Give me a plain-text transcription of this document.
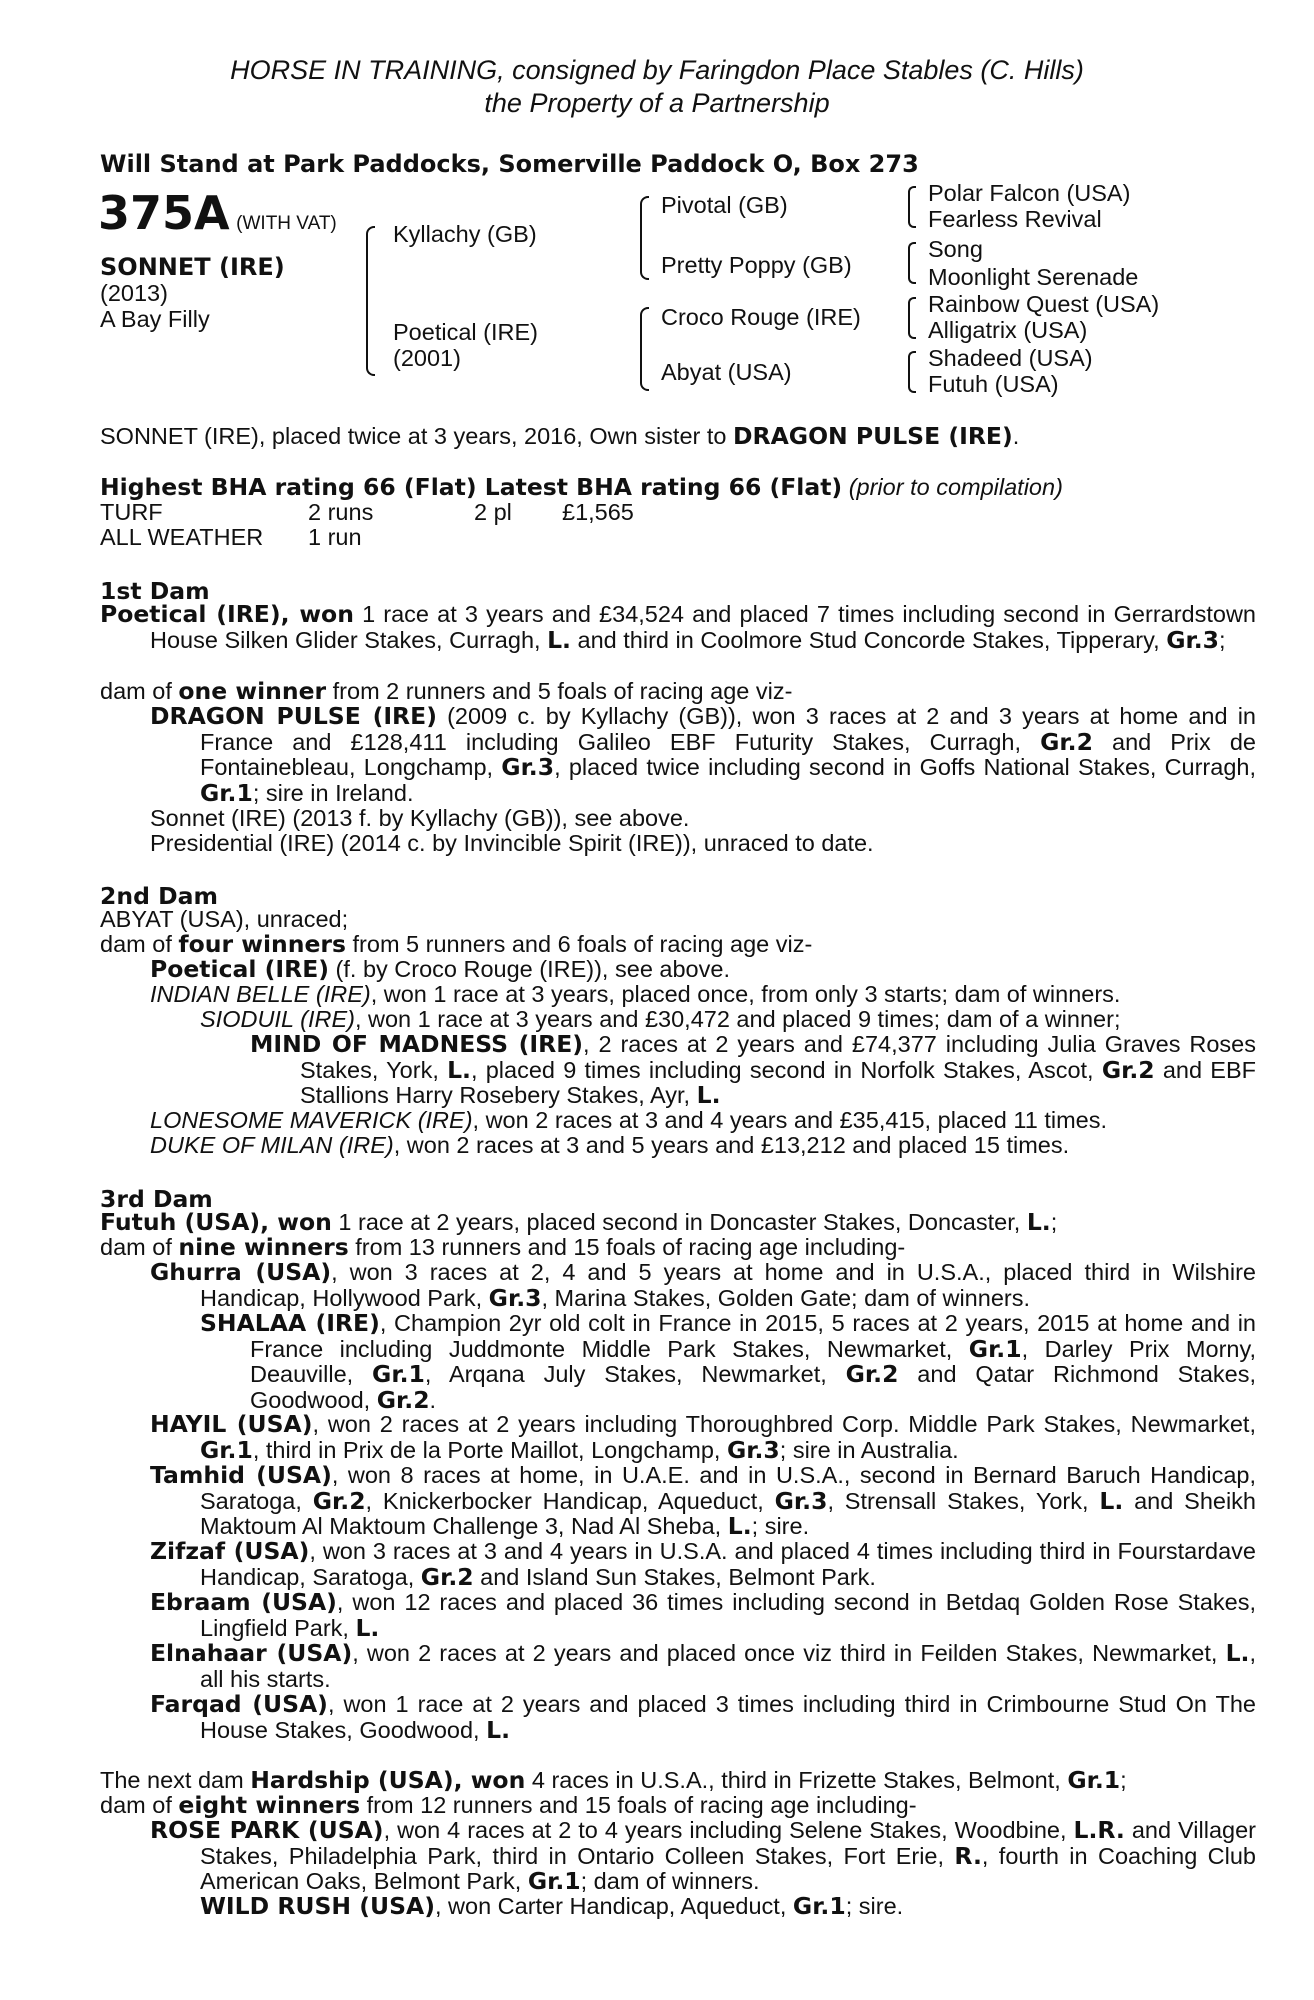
HORSE IN TRAINING, consigned by Faringdon Place Stables (C. Hills)
the Property of a Partnership
Will Stand at Park Paddocks, Somerville Paddock O, Box 273
375A (WITH VAT)
SONNET (IRE)
(2013)
A Bay Filly
Kyllachy (GB)
Poetical (IRE)
(2001)
Pivotal (GB)
Pretty Poppy (GB)
Croco Rouge (IRE)
Abyat (USA)
Polar Falcon (USA)
Fearless Revival
Song
Moonlight Serenade
Rainbow Quest (USA)
Alligatrix (USA)
Shadeed (USA)
Futuh (USA)
SONNET (IRE), placed twice at 3 years, 2016, Own sister to DRAGON PULSE (IRE).
Highest BHA rating 66 (Flat) Latest BHA rating 66 (Flat) (prior to compilation)
TURF	2 runs	2 pl £1,565
ALL WEATHER 1 run
1st Dam
Poetical (IRE), won 1 race at 3 years and £34,524 and placed 7 times including second in Gerrardstown House Silken Glider Stakes, Curragh, L. and third in Coolmore Stud Concorde Stakes, Tipperary, Gr.3;
dam of one winner from 2 runners and 5 foals of racing age viz-
DRAGON PULSE (IRE) (2009 c. by Kyllachy (GB)), won 3 races at 2 and 3 years at home and in France and £128,411 including Galileo EBF Futurity Stakes, Curragh, Gr.2 and Prix de Fontainebleau, Longchamp, Gr.3, placed twice including second in Goffs National Stakes, Curragh, Gr.1; sire in Ireland.
Sonnet (IRE) (2013 f. by Kyllachy (GB)), see above.
Presidential (IRE) (2014 c. by Invincible Spirit (IRE)), unraced to date.
2nd Dam
ABYAT (USA), unraced;
dam of four winners from 5 runners and 6 foals of racing age viz-
Poetical (IRE) (f. by Croco Rouge (IRE)), see above.
INDIAN BELLE (IRE), won 1 race at 3 years, placed once, from only 3 starts; dam of winners.
SIODUIL (IRE), won 1 race at 3 years and £30,472 and placed 9 times; dam of a winner;
MIND OF MADNESS (IRE), 2 races at 2 years and £74,377 including Julia Graves Roses Stakes, York, L., placed 9 times including second in Norfolk Stakes, Ascot, Gr.2 and EBF Stallions Harry Rosebery Stakes, Ayr, L.
LONESOME MAVERICK (IRE), won 2 races at 3 and 4 years and £35,415, placed 11 times.
DUKE OF MILAN (IRE), won 2 races at 3 and 5 years and £13,212 and placed 15 times.
3rd Dam
Futuh (USA), won 1 race at 2 years, placed second in Doncaster Stakes, Doncaster, L.;
dam of nine winners from 13 runners and 15 foals of racing age including-
Ghurra (USA), won 3 races at 2, 4 and 5 years at home and in U.S.A., placed third in Wilshire Handicap, Hollywood Park, Gr.3, Marina Stakes, Golden Gate; dam of winners.
SHALAA (IRE), Champion 2yr old colt in France in 2015, 5 races at 2 years, 2015 at home and in France including Juddmonte Middle Park Stakes, Newmarket, Gr.1, Darley Prix Morny, Deauville, Gr.1, Arqana July Stakes, Newmarket, Gr.2 and Qatar Richmond Stakes, Goodwood, Gr.2.
HAYIL (USA), won 2 races at 2 years including Thoroughbred Corp. Middle Park Stakes, Newmarket, Gr.1, third in Prix de la Porte Maillot, Longchamp, Gr.3; sire in Australia.
Tamhid (USA), won 8 races at home, in U.A.E. and in U.S.A., second in Bernard Baruch Handicap, Saratoga, Gr.2, Knickerbocker Handicap, Aqueduct, Gr.3, Strensall Stakes, York, L. and Sheikh Maktoum Al Maktoum Challenge 3, Nad Al Sheba, L.; sire.
Zifzaf (USA), won 3 races at 3 and 4 years in U.S.A. and placed 4 times including third in Fourstardave Handicap, Saratoga, Gr.2 and Island Sun Stakes, Belmont Park.
Ebraam (USA), won 12 races and placed 36 times including second in Betdaq Golden Rose Stakes, Lingfield Park, L.
Elnahaar (USA), won 2 races at 2 years and placed once viz third in Feilden Stakes, Newmarket, L., all his starts.
Farqad (USA), won 1 race at 2 years and placed 3 times including third in Crimbourne Stud On The House Stakes, Goodwood, L.
The next dam Hardship (USA), won 4 races in U.S.A., third in Frizette Stakes, Belmont, Gr.1;
dam of eight winners from 12 runners and 15 foals of racing age including-
ROSE PARK (USA), won 4 races at 2 to 4 years including Selene Stakes, Woodbine, L.R. and Villager Stakes, Philadelphia Park, third in Ontario Colleen Stakes, Fort Erie, R., fourth in Coaching Club American Oaks, Belmont Park, Gr.1; dam of winners.
WILD RUSH (USA), won Carter Handicap, Aqueduct, Gr.1; sire.
